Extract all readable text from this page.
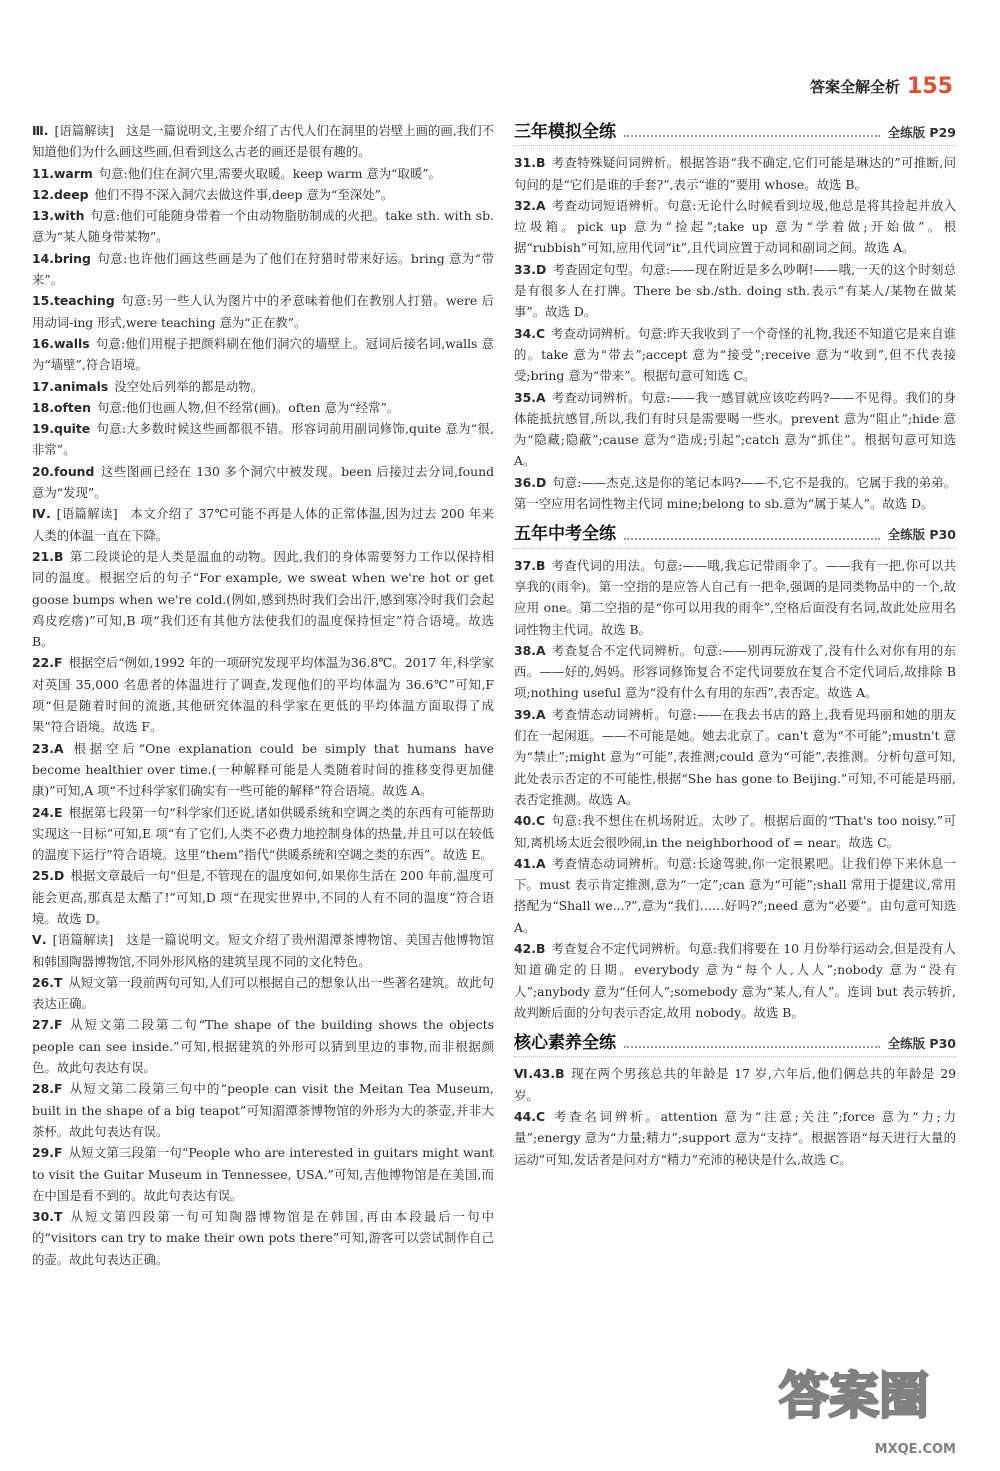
答案全解全析 155

Ⅲ. [语篇解读]　这是一篇说明文,主要介绍了古代人们在洞里的岩壁上画的画,我们不知道他们为什么画这些画,但看到这么古老的画还是很有趣的。

11.warm 句意:他们住在洞穴里,需要火取暖。keep warm 意为“取暖”。

12.deep 他们不得不深入洞穴去做这件事,deep 意为“至深处”。

13.with 句意:他们可能随身带着一个由动物脂肪制成的火把。take sth. with sb.意为“某人随身带某物”。

14.bring 句意:也许他们画这些画是为了他们在狩猎时带来好运。bring 意为“带来”。

15.teaching 句意:另一些人认为图片中的矛意味着他们在教别人打猎。were 后用动词-ing 形式,were teaching 意为“正在教”。

16.walls 句意:他们用棍子把颜料刷在他们洞穴的墙壁上。冠词后接名词,walls 意为“墙壁”,符合语境。

17.animals 没空处后列举的都是动物。

18.often 句意:他们也画人物,但不经常(画)。often 意为“经常”。

19.quite 句意:大多数时候这些画都很不错。形容词前用副词修饰,quite 意为“很,非常”。

20.found 这些图画已经在 130 多个洞穴中被发现。been 后接过去分词,found 意为“发现”。

Ⅳ. [语篇解读]　本文介绍了 37℃可能不再是人体的正常体温,因为过去 200 年来人类的体温一直在下降。

21.B 第二段谈论的是人类是温血的动物。因此,我们的身体需要努力工作以保持相同的温度。根据空后的句子“For example, we sweat when we're hot or get goose bumps when we're cold.(例如,感到热时我们会出汗,感到寒冷时我们会起鸡皮疙瘩)”可知,B 项“我们还有其他方法使我们的温度保持恒定”符合语境。故选 B。

22.F 根据空后“例如,1992 年的一项研究发现平均体温为36.8℃。2017 年,科学家对英国 35,000 名患者的体温进行了调查,发现他们的平均体温为 36.6℃”可知,F 项“但是随着时间的流逝,其他研究体温的科学家在更低的平均体温方面取得了成果”符合语境。故选 F。

23.A 根据空后“One explanation could be simply that humans have become healthier over time.(一种解释可能是人类随着时间的推移变得更加健康)”可知,A 项“不过科学家们确实有一些可能的解释”符合语境。故选 A。

24.E 根据第七段第一句“科学家们还说,诸如供暖系统和空调之类的东西有可能帮助实现这一目标”可知,E 项“有了它们,人类不必费力地控制身体的热量,并且可以在较低的温度下运行”符合语境。这里“them”指代“供暖系统和空调之类的东西”。故选 E。

25.D 根据文章最后一句“但是,不管现在的温度如何,如果你生活在 200 年前,温度可能会更高,那真是太酷了!”可知,D 项“在现实世界中,不同的人有不同的温度”符合语境。故选 D。

Ⅴ. [语篇解读]　这是一篇说明文。短文介绍了贵州湄潭茶博物馆、美国吉他博物馆和韩国陶器博物馆,不同外形风格的建筑呈现不同的文化特色。

26.T 从短文第一段前两句可知,人们可以根据自己的想象认出一些著名建筑。故此句表达正确。

27.F 从短文第二段第二句“The shape of the building shows the objects people can see inside.”可知,根据建筑的外形可以猜到里边的事物,而非根据颜色。故此句表达有误。

28.F 从短文第二段第三句中的“people can visit the Meitan Tea Museum, built in the shape of a big teapot”可知湄潭茶博物馆的外形为大的茶壶,并非大茶杯。故此句表达有误。

29.F 从短文第三段第一句“People who are interested in guitars might want to visit the Guitar Museum in Tennessee, USA.”可知,吉他博物馆是在美国,而在中国是看不到的。故此句表达有误。

30.T 从短文第四段第一句可知陶器博物馆是在韩国,再由本段最后一句中的“visitors can try to make their own pots there”可知,游客可以尝试制作自己的壶。故此句表达正确。

三年模拟全练	全练版 P29

31.B 考查特殊疑问词辨析。根据答语“我不确定,它们可能是琳达的”可推断,问句问的是“它们是谁的手套?”,表示“谁的”要用 whose。故选 B。

32.A 考查动词短语辨析。句意:无论什么时候看到垃圾,他总是将其捡起并放入垃圾箱。pick up 意为“捡起”;take up 意为“学着做;开始做”。根据“rubbish”可知,应用代词“it”,且代词应置于动词和副词之间。故选 A。

33.D 考查固定句型。句意:——现在附近是多么吵啊!——哦,一天的这个时刻总是有很多人在打牌。There be sb./sth. doing sth.表示“有某人/某物在做某事”。故选 D。

34.C 考查动词辨析。句意:昨天我收到了一个奇怪的礼物,我还不知道它是来自谁的。take 意为“带去”;accept 意为“接受”;receive 意为“收到”,但不代表接受;bring 意为“带来”。根据句意可知选 C。

35.A 考查动词辨析。句意:——我一感冒就应该吃药吗?——不见得。我们的身体能抵抗感冒,所以,我们有时只是需要喝一些水。prevent 意为“阻止”;hide 意为“隐藏;隐蔽”;cause 意为“造成;引起”;catch 意为“抓住”。根据句意可知选 A。

36.D 句意:——杰克,这是你的笔记本吗?——不,它不是我的。它属于我的弟弟。第一空应用名词性物主代词 mine;belong to sb.意为“属于某人”。故选 D。

五年中考全练	全练版 P30

37.B 考查代词的用法。句意:——哦,我忘记带雨伞了。——我有一把,你可以共享我的(雨伞)。第一空指的是应答人自己有一把伞,强调的是同类物品中的一个,故应用 one。第二空指的是“你可以用我的雨伞”,空格后面没有名词,故此处应用名词性物主代词。故选 B。

38.A 考查复合不定代词辨析。句意:——别再玩游戏了,没有什么对你有用的东西。——好的,妈妈。形容词修饰复合不定代词要放在复合不定代词后,故排除 B 项;nothing useful 意为“没有什么有用的东西”,表否定。故选 A。

39.A 考查情态动词辨析。句意:——在我去书店的路上,我看见玛丽和她的朋友们在一起闲逛。——不可能是她。她去北京了。can't 意为“不可能”;mustn't 意为“禁止”;might 意为“可能”,表推测;could 意为“可能”,表推测。分析句意可知,此处表示否定的不可能性,根据“She has gone to Beijing.”可知,不可能是玛丽,表否定推测。故选 A。

40.C 句意:我不想住在机场附近。太吵了。根据后面的“That's too noisy.”可知,离机场太近会很吵闹,in the neighborhood of = near。故选 C。

41.A 考查情态动词辨析。句意:长途驾驶,你一定很累吧。让我们停下来休息一下。must 表示肯定推测,意为“一定”;can 意为“可能”;shall 常用于提建议,常用搭配为“Shall we...?”,意为“我们……好吗?”;need 意为“必要”。由句意可知选 A。

42.B 考查复合不定代词辨析。句意:我们将要在 10 月份举行运动会,但是没有人知道确定的日期。everybody 意为“每个人,人人”;nobody 意为“没有人”;anybody 意为“任何人”;somebody 意为“某人,有人”。连词 but 表示转折,故判断后面的分句表示否定,故用 nobody。故选 B。

核心素养全练	全练版 P30

Ⅵ.43.B 现在两个男孩总共的年龄是 17 岁,六年后,他们俩总共的年龄是 29 岁。

44.C 考查名词辨析。attention 意为“注意;关注”;force 意为“力;力量”;energy 意为“力量;精力”;support 意为“支持”。根据答语“每天进行大量的运动”可知,发话者是问对方“精力”充沛的秘诀是什么,故选 C。

答案圈
MXQE.COM
